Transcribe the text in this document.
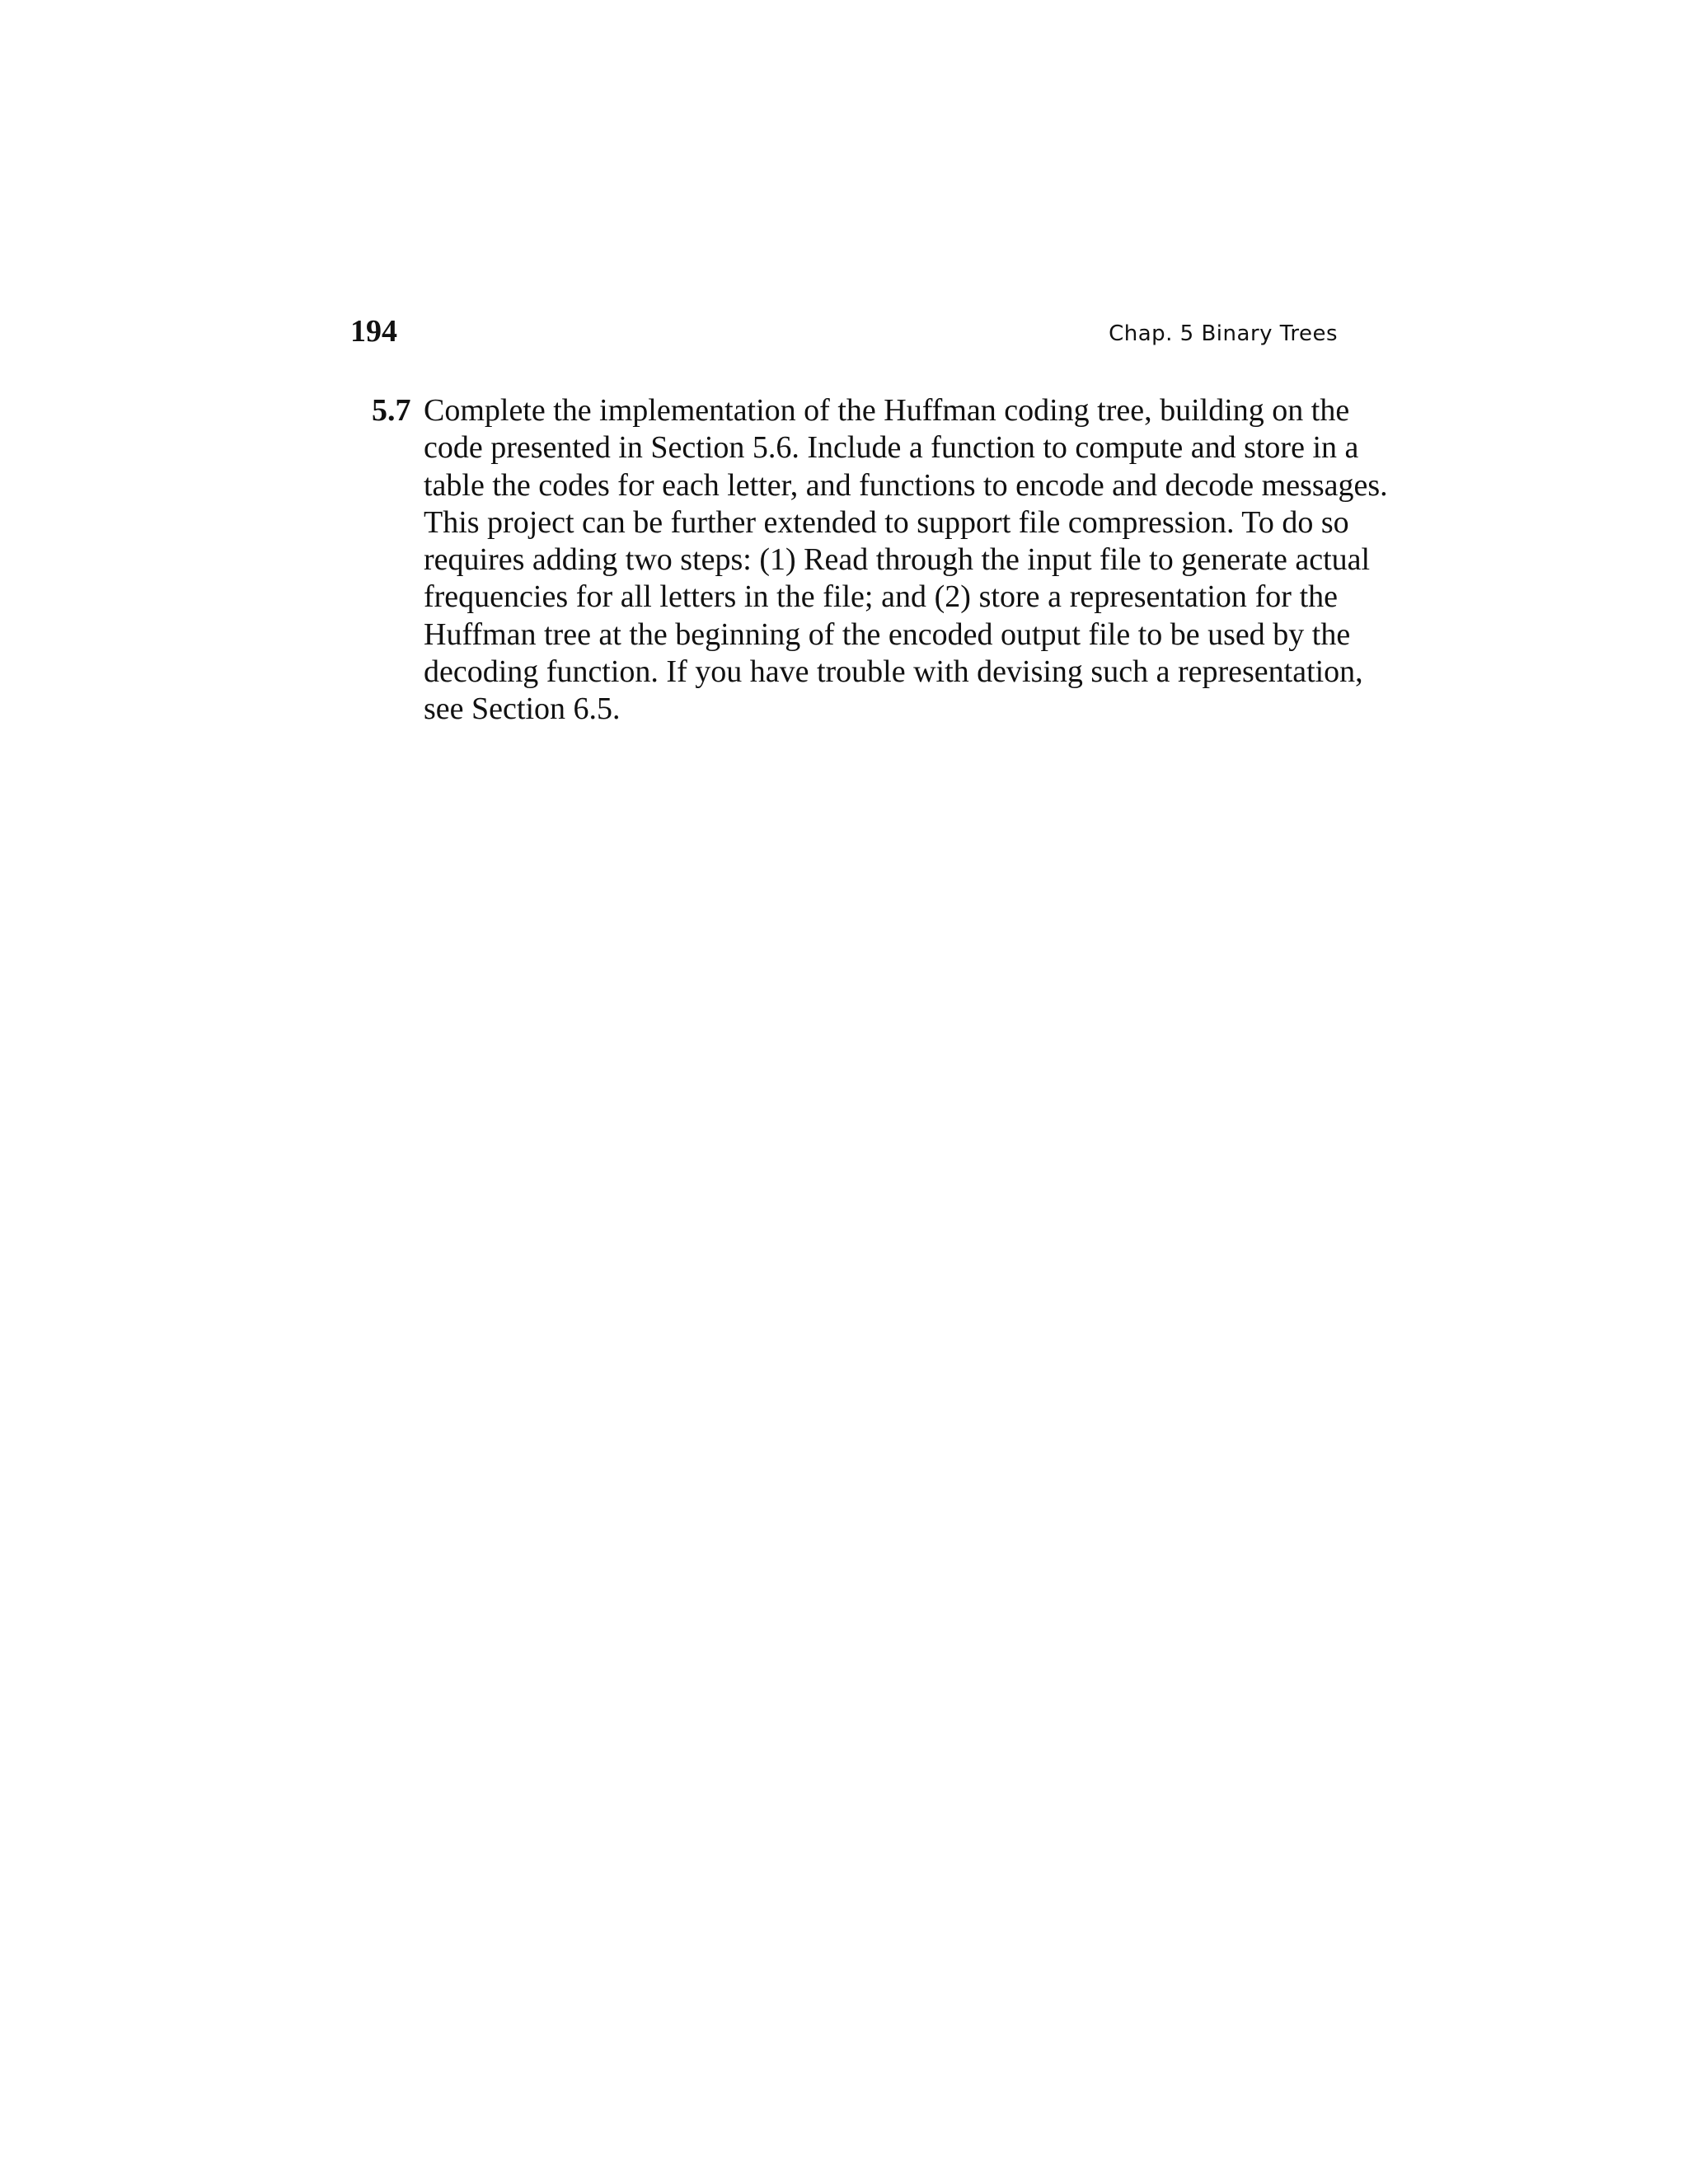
194	Chap. 5 Binary Trees
5.7 Complete the implementation of the Huffman coding tree, building on the
code presented in Section 5.6. Include a function to compute and store in a
table the codes for each letter, and functions to encode and decode messages.
This project can be further extended to support file compression. To do so
requires adding two steps: (1) Read through the input file to generate actual
frequencies for all letters in the file; and (2) store a representation for the
Huffman tree at the beginning of the encoded output file to be used by the
decoding function. If you have trouble with devising such a representation,
see Section 6.5.
